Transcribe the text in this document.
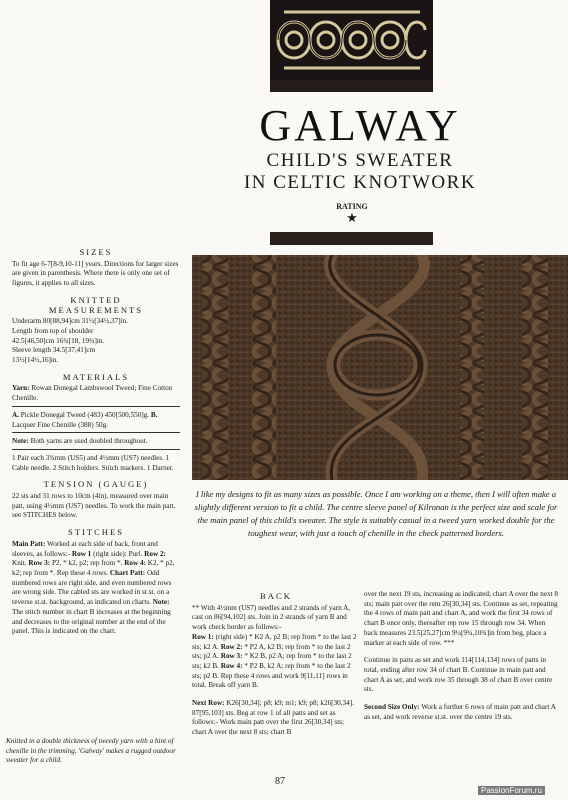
GALWAY
CHILD'S SWEATER
IN CELTIC KNOTWORK
RATING
★
I like my designs to fit as many sizes as possible. Once I am working on a theme, then I will often make a slightly different version to fit a child. The centre sleeve panel of Kilronan is the perfect size and scale for the main panel of this child's sweater. The style is suitably casual in a tweed yarn worked double for the toughest wear, with just a touch of chenille in the check patterned borders.
SIZES

To fit age 6-7[8-9,10-11] years. Directions for larger sizes are given in parenthesis. Where there is only one set of figures, it applies to all sizes.

KNITTED
MEASUREMENTS

Underarm 80[88,94]cm 31½[34½,37]in.

Length from top of shoulder

42.5[46,50]cm 16¾[18, 19¾]in.

Sleeve length 34.5[37,41]cm

13½[14½,16]in.

MATERIALS

Yarn: Rowan Donegal Lambswool Tweed; Fine Cotton Chenille.

A. Pickle Donegal Tweed (483) 450[500,550]g. B. Lacquer Fine Chenille (388) 50g.

Note: Both yarns are used doubled throughout.

1 Pair each 3¾mm (US5) and 4½mm (US7) needles. 1 Cable needle. 2 Stitch holders. Stitch markers. 1 Darner.

TENSION (GAUGE)

22 sts and 31 rows to 10cm (4in), measured over main patt, using 4½mm (US7) needles. To work the main patt, see STITCHES below.

STITCHES

Main Patt: Worked at each side of back, front and sleeves, as follows:- Row 1 (right side): Purl. Row 2: Knit. Row 3: P2, * k2, p2; rep from *. Row 4: K2, * p2, k2; rep from *. Rep these 4 rows. Chart Patt: Odd numbered rows are right side, and even numbered rows are wrong side. The cabled sts are worked in st.st. on a reverse st.st. background, as indicated on charts. Note: The stitch number in chart B increases at the beginning and decreases to the original number at the end of the panel. This is indicated on the chart.

Knitted in a double thickness of tweedy yarn with a hint of chenille in the trimming, 'Galway' makes a rugged outdoor sweater for a child.
BACK

** With 4½mm (US7) needles and 2 strands of yarn A, cast on 86[94,102] sts. Join in 2 strands of yarn B and work check border as follows:-

Row 1: (right side) * K2 A, p2 B; rep from * to the last 2 sts; k2 A. Row 2: * P2 A, k2 B; rep from * to the last 2 sts; p2 A. Row 3: * K2 B, p2 A; rep from * to the last 2 sts; k2 B. Row 4: * P2 B, k2 A; rep from * to the last 2 sts; p2 B. Rep these 4 rows and work 9[11,11] rows in total. Break off yarn B.

Next Row: K26[30,34]; p8; k9; m1; k9; p8; k26[30,34]. 87[95,103] sts. Beg at row 1 of all patts and set as follows:- Work main patt over the first 26[30,34] sts; chart A over the next 8 sts; chart B

over the next 19 sts, increasing as indicated; chart A over the next 8 sts; main patt over the rem 26[30,34] sts. Continue as set, repeating the 4 rows of main patt and chart A, and work the first 34 rows of chart B once only, thereafter rep row 15 through row 34. When back measures 23.5[25,27]cm 9¼[9¾,10¾]in from beg, place a marker at each side of row. ***

Continue in patts as set and work 114[114,134] rows of patts in total, ending after row 34 of chart B. Continue in main patt and chart A as set, and work row 35 through 38 of chart B over centre sts.

Second Size Only: Work a further 6 rows of main patt and chart A as set, and work reverse st.st. over the centre 19 sts.

87
PassionForum.ru
